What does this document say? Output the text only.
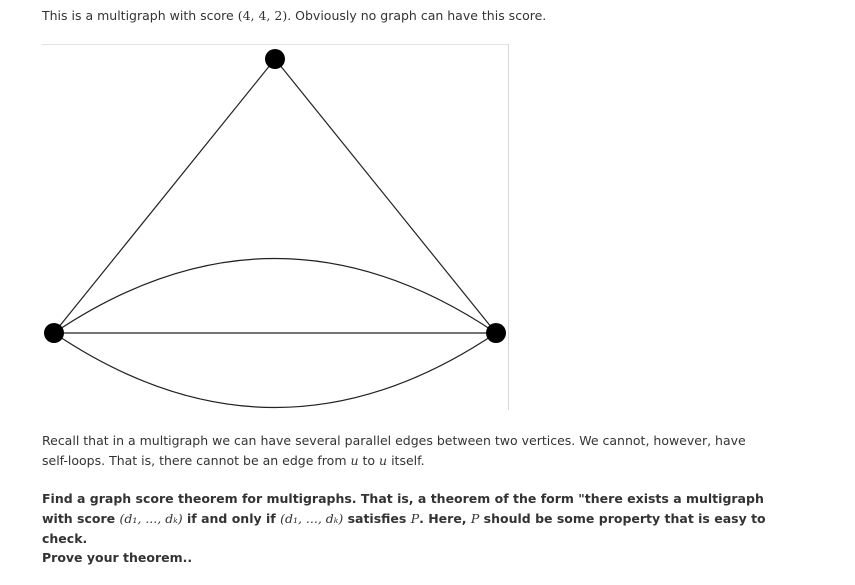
This is a multigraph with score (4, 4, 2). Obviously no graph can have this score.
Recall that in a multigraph we can have several parallel edges between two vertices. We cannot, however, have self-loops. That is, there cannot be an edge from u to u itself.
Find a graph score theorem for multigraphs. That is, a theorem of the form "there exists a multigraph with score (d₁, ..., dₖ) if and only if (d₁, ..., dₖ) satisfies P. Here, P should be some property that is easy to check.
Prove your theorem..
